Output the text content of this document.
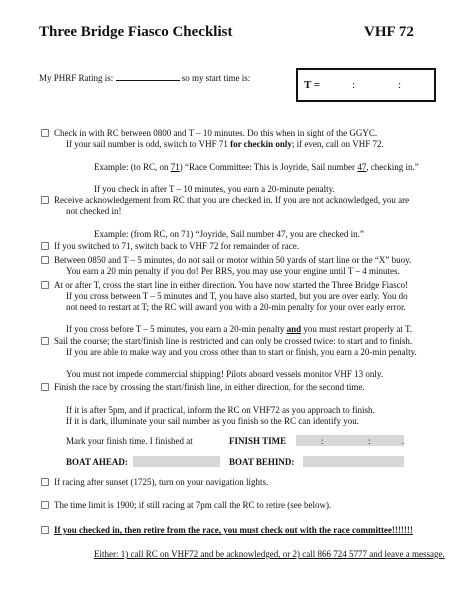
Three Bridge Fiasco Checklist	VHF 72
My PHRF Rating is:	so my start time is:
T =	:	:
Check in with RC between 0800 and T – 10 minutes. Do this when in sight of the GGYC.
If your sail number is odd, switch to VHF 71 for checkin only; if even, call on VHF 72.
Example: (to RC, on 71) “Race Committee: This is Joyride, Sail number 47, checking in.”
If you check in after T – 10 minutes, you earn a 20-minute penalty.
Receive acknowledgement from RC that you are checked in. If you are not acknowledged, you are
not checked in!
Example: (from RC, on 71) “Joyride, Sail number 47, you are checked in.”
If you switched to 71, switch back to VHF 72 for remainder of race.
Between 0850 and T – 5 minutes, do not sail or motor within 50 yards of start line or the “X” buoy.
You earn a 20 min penalty if you do! Per RRS, you may use your engine until T – 4 minutes.
At or after T, cross the start line in either direction. You have now started the Three Bridge Fiasco!
If you cross between T – 5 minutes and T, you have also started, but you are over early. You do
not need to restart at T; the RC will award you with a 20-min penalty for your over early error.
If you cross before T – 5 minutes, you earn a 20-min penalty and you must restart properly at T.
Sail the course; the start/finish line is restricted and can only be crossed twice: to start and to finish.
If you are able to make way and you cross other than to start or finish, you earn a 20-min penalty.
You must not impede commercial shipping! Pilots aboard vessels monitor VHF 13 only.
Finish the race by crossing the start/finish line, in either direction, for the second time.
If it is after 5pm, and if practical, inform the RC on VHF72 as you approach to finish.
If it is dark, illuminate your sail number as you finish so the RC can identify you.
Mark your finish time. I finished at	FINISH TIME	:	:	.
BOAT AHEAD:	BOAT BEHIND:
If racing after sunset (1725), turn on your navigation lights.
The time limit is 1900; if still racing at 7pm call the RC to retire (see below).
If you checked in, then retire from the race, you must check out with the race committee!!!!!!!
Either: 1) call RC on VHF72 and be acknowledged, or 2) call 866 724 5777 and leave a message.
